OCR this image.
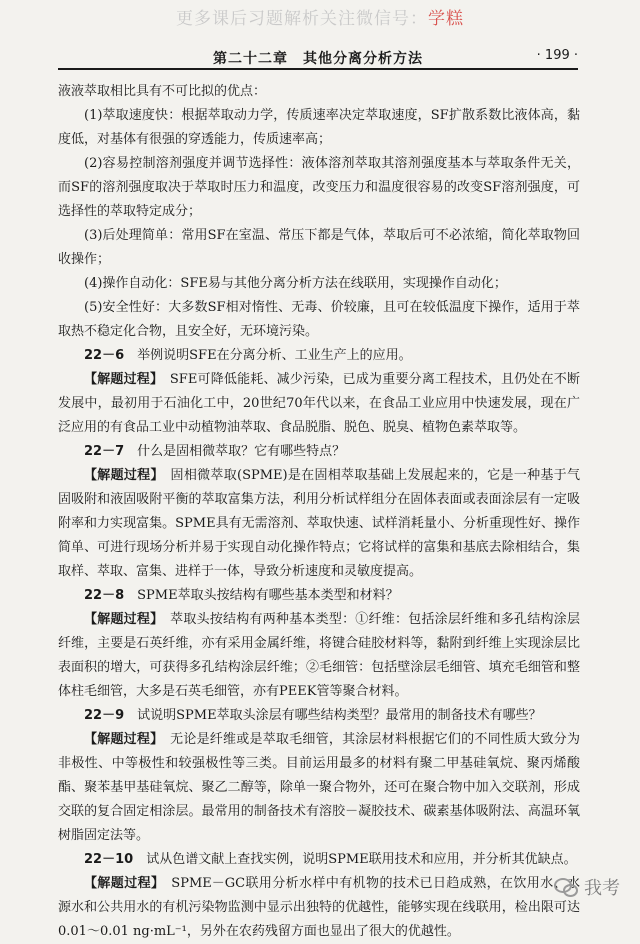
更多课后习题解析关注微信号：学糕
第二十二章　其他分离分析方法	· 199 ·

液液萃取相比具有不可比拟的优点：

(1)萃取速度快：根据萃取动力学，传质速率决定萃取速度，SF扩散系数比液体高，黏度低，对基体有很强的穿透能力，传质速率高；

(2)容易控制溶剂强度并调节选择性：液体溶剂萃取其溶剂强度基本与萃取条件无关，而SF的溶剂强度取决于萃取时压力和温度，改变压力和温度很容易的改变SF溶剂强度，可选择性的萃取特定成分；

(3)后处理简单：常用SF在室温、常压下都是气体，萃取后可不必浓缩，简化萃取物回收操作；

(4)操作自动化：SFE易与其他分离分析方法在线联用，实现操作自动化；

(5)安全性好：大多数SF相对惰性、无毒、价较廉，且可在较低温度下操作，适用于萃取热不稳定化合物，且安全好，无环境污染。

22－6　 举例说明SFE在分离分析、工业生产上的应用。

【解题过程】　 SFE可降低能耗、减少污染，已成为重要分离工程技术，且仍处在不断发展中，最初用于石油化工中，20世纪70年代以来，在食品工业应用中快速发展，现在广泛应用的有食品工业中动植物油萃取、食品脱脂、脱色、脱臭、植物色素萃取等。

22－7　 什么是固相微萃取？它有哪些特点？

【解题过程】　 固相微萃取(SPME)是在固相萃取基础上发展起来的，它是一种基于气固吸附和液固吸附平衡的萃取富集方法，利用分析试样组分在固体表面或表面涂层有一定吸附率和力实现富集。SPME具有无需溶剂、萃取快速、试样消耗量小、分析重现性好、操作简单、可进行现场分析并易于实现自动化操作特点；它将试样的富集和基底去除相结合，集取样、萃取、富集、进样于一体，导致分析速度和灵敏度提高。

22－8　 SPME萃取头按结构有哪些基本类型和材料？

【解题过程】　 萃取头按结构有两种基本类型：①纤维：包括涂层纤维和多孔结构涂层纤维，主要是石英纤维，亦有采用金属纤维，将键合硅胶材料等，黏附到纤维上实现涂层比表面积的增大，可获得多孔结构涂层纤维；②毛细管：包括壁涂层毛细管、填充毛细管和整体柱毛细管，大多是石英毛细管，亦有PEEK管等聚合材料。

22－9　 试说明SPME萃取头涂层有哪些结构类型？最常用的制备技术有哪些？

【解题过程】　 无论是纤维或是萃取毛细管，其涂层材料根据它们的不同性质大致分为非极性、中等极性和较强极性等三类。目前运用最多的材料有聚二甲基硅氧烷、聚丙烯酸酯、聚苯基甲基硅氧烷、聚乙二醇等，除单一聚合物外，还可在聚合物中加入交联剂，形成交联的复合固定相涂层。最常用的制备技术有溶胶－凝胶技术、碳素基体吸附法、高温环氧树脂固定法等。

22－10　 试从色谱文献上查找实例，说明SPME联用技术和应用，并分析其优缺点。

【解题过程】　 SPME－GC联用分析水样中有机物的技术已日趋成熟，在饮用水、水源水和公共用水的有机污染物监测中显示出独特的优越性，能够实现在线联用，检出限可达0.01～0.01 ng·mL⁻¹，另外在农药残留方面也显出了很大的优越性。

我考
